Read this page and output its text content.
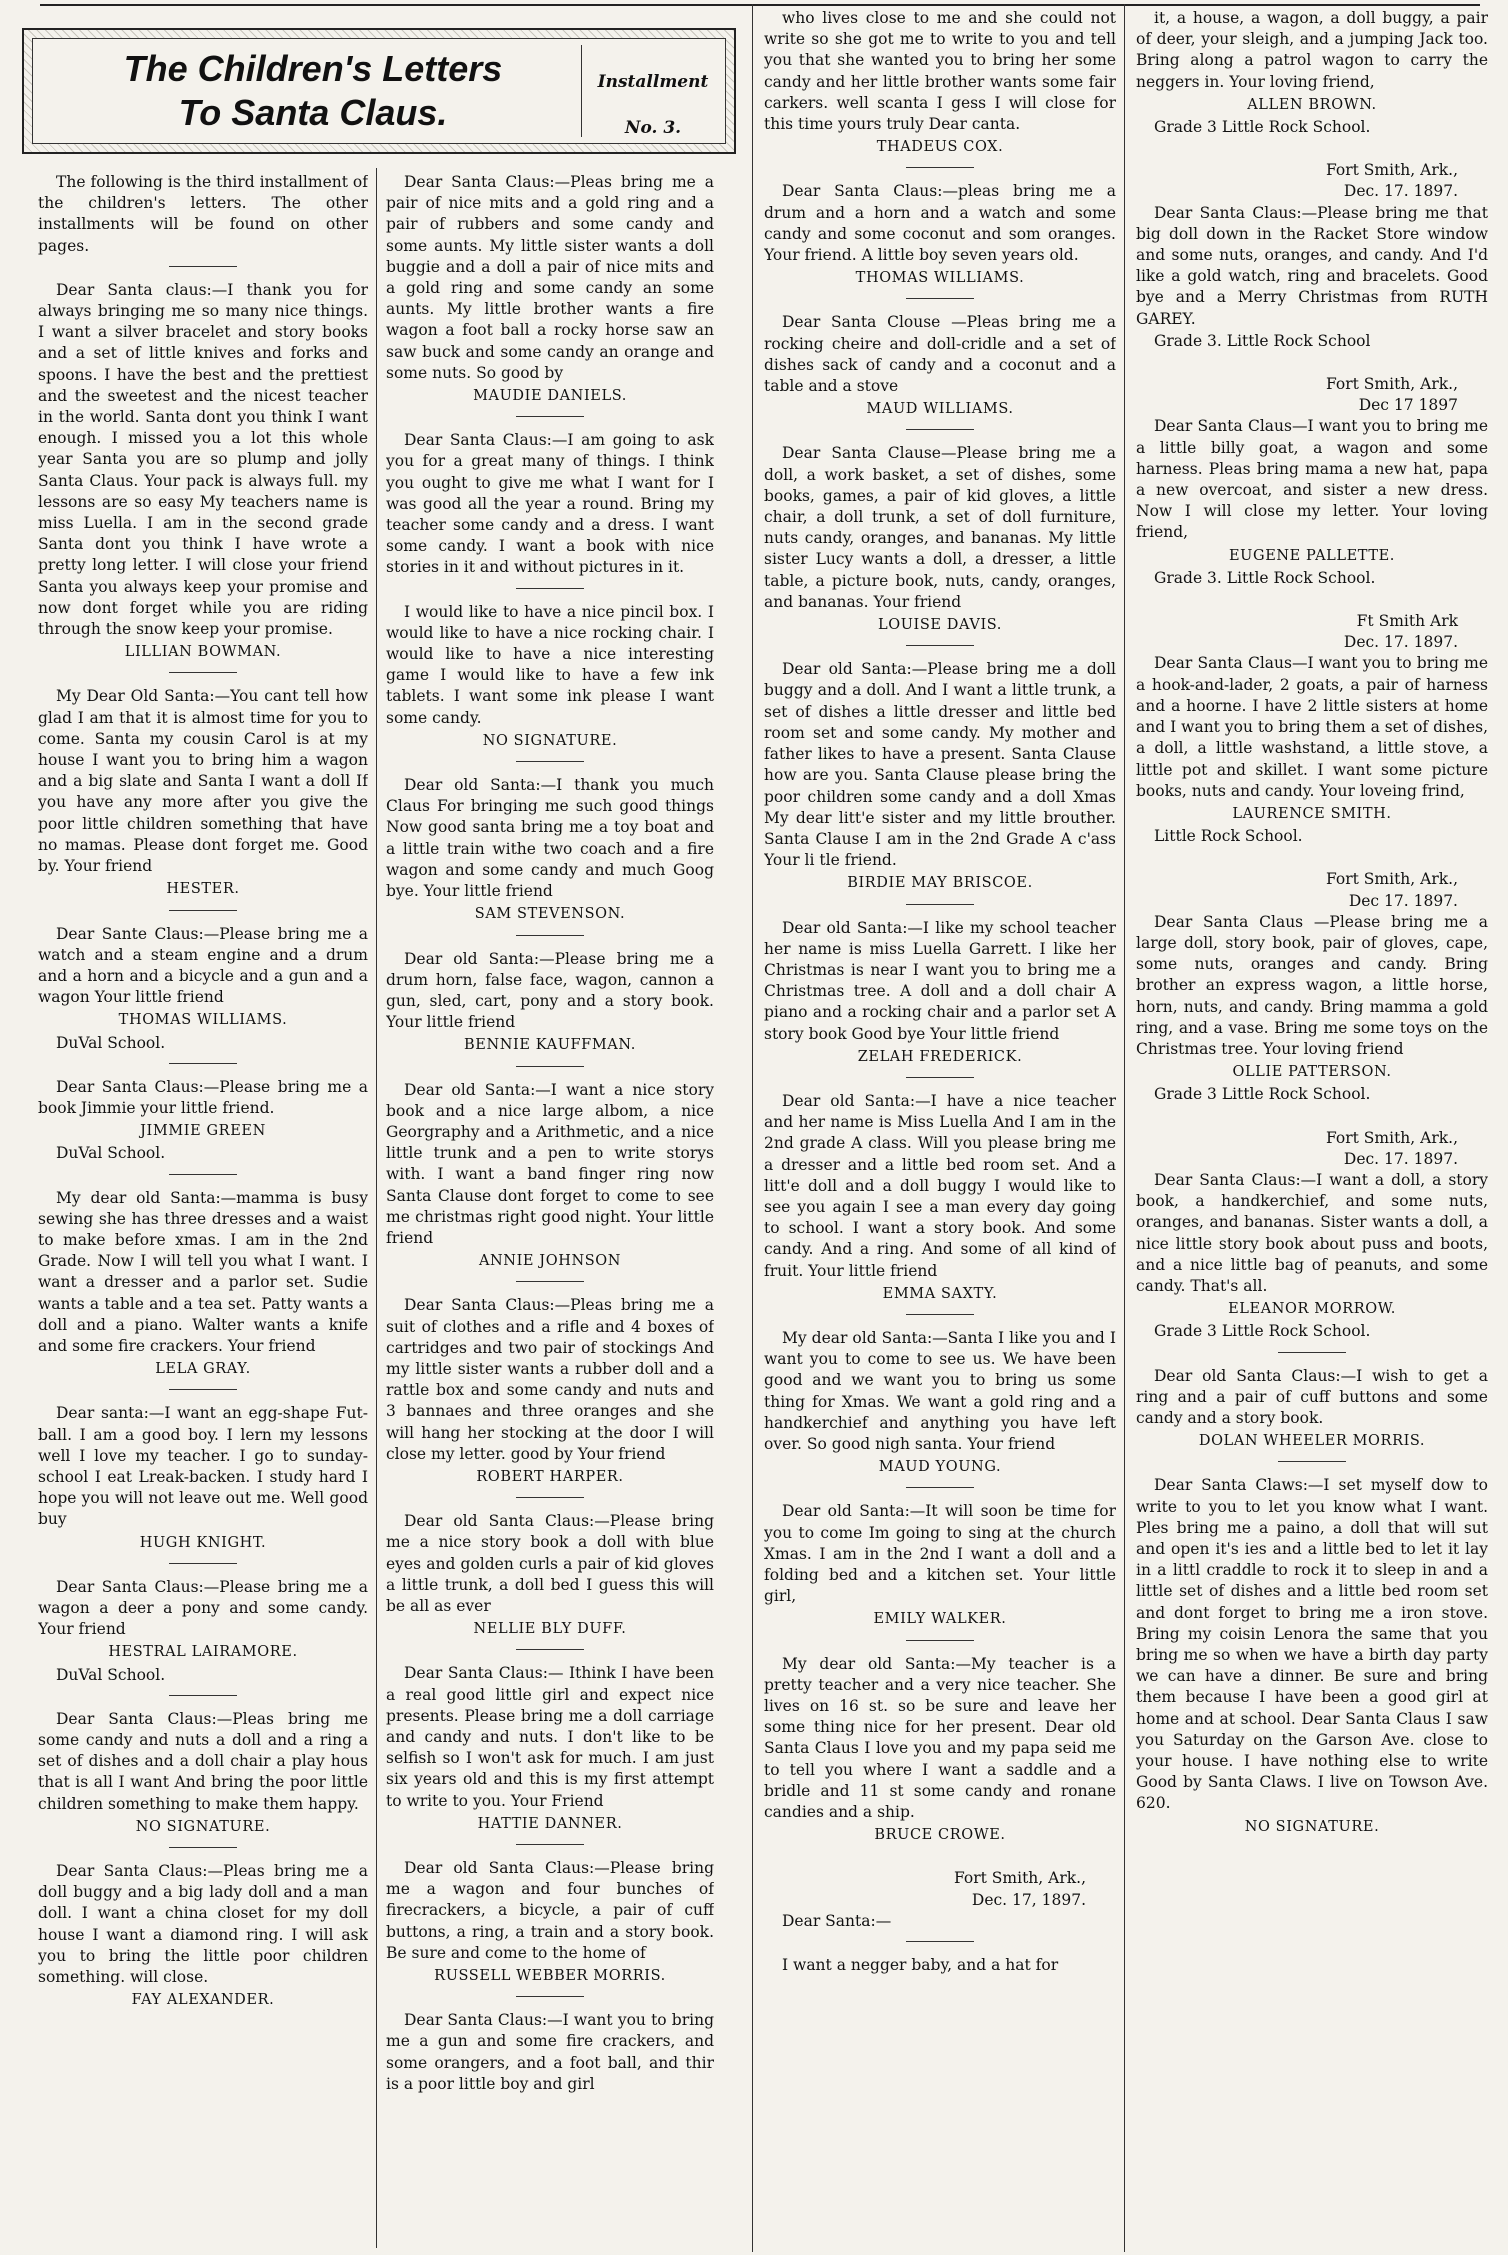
The Children's Letters
To Santa Claus.
Installment
No. 3.

The following is the third installment of the children's letters. The other installments will be found on other pages.

Dear Santa claus:—I thank you for always bringing me so many nice things. I want a silver bracelet and story books and a set of little knives and forks and spoons. I have the best and the prettiest and the sweetest and the nicest teacher in the world. Santa dont you think I want enough. I missed you a lot this whole year Santa you are so plump and jolly Santa Claus. Your pack is always full. my lessons are so easy My teachers name is miss Luella. I am in the second grade Santa dont you think I have wrote a pretty long letter. I will close your friend Santa you always keep your promise and now dont forget while you are riding through the snow keep your promise.

LILLIAN BOWMAN.

My Dear Old Santa:—You cant tell how glad I am that it is almost time for you to come. Santa my cousin Carol is at my house I want you to bring him a wagon and a big slate and Santa I want a doll If you have any more after you give the poor little children something that have no mamas. Please dont forget me. Good by. Your friend

HESTER.

Dear Sante Claus:—Please bring me a watch and a steam engine and a drum and a horn and a bicycle and a gun and a wagon Your little friend

THOMAS WILLIAMS.
DuVal School.

Dear Santa Claus:—Please bring me a book Jimmie your little friend.

JIMMIE GREEN
DuVal School.

My dear old Santa:—mamma is busy sewing she has three dresses and a waist to make before xmas. I am in the 2nd Grade. Now I will tell you what I want. I want a dresser and a parlor set. Sudie wants a table and a tea set. Patty wants a doll and a piano. Walter wants a knife and some fire crackers. Your friend

LELA GRAY.

Dear santa:—I want an egg-shape Fut-ball. I am a good boy. I lern my lessons well I love my teacher. I go to sunday-school I eat Lreak-backen. I study hard I hope you will not leave out me. Well good buy

HUGH KNIGHT.

Dear Santa Claus:—Please bring me a wagon a deer a pony and some candy. Your friend

HESTRAL LAIRAMORE.
DuVal School.

Dear Santa Claus:—Pleas bring me some candy and nuts a doll and a ring a set of dishes and a doll chair a play hous that is all I want And bring the poor little children something to make them happy.

NO SIGNATURE.

Dear Santa Claus:—Pleas bring me a doll buggy and a big lady doll and a man doll. I want a china closet for my doll house I want a diamond ring. I will ask you to bring the little poor children something. will close.

FAY ALEXANDER.

Dear Santa Claus:—Pleas bring me a pair of nice mits and a gold ring and a pair of rubbers and some candy and some aunts. My little sister wants a doll buggie and a doll a pair of nice mits and a gold ring and some candy an some aunts. My little brother wants a fire wagon a foot ball a rocky horse saw an saw buck and some candy an orange and some nuts. So good by

MAUDIE DANIELS.

Dear Santa Claus:—I am going to ask you for a great many of things. I think you ought to give me what I want for I was good all the year a round. Bring my teacher some candy and a dress. I want some candy. I want a book with nice stories in it and without pictures in it.

I would like to have a nice pincil box. I would like to have a nice rocking chair. I would like to have a nice interesting game I would like to have a few ink tablets. I want some ink please I want some candy.

NO SIGNATURE.

Dear old Santa:—I thank you much Claus For bringing me such good things Now good santa bring me a toy boat and a little train withe two coach and a fire wagon and some candy and much Goog bye. Your little friend

SAM STEVENSON.

Dear old Santa:—Please bring me a drum horn, false face, wagon, cannon a gun, sled, cart, pony and a story book. Your little friend

BENNIE KAUFFMAN.

Dear old Santa:—I want a nice story book and a nice large albom, a nice Georgraphy and a Arithmetic, and a nice little trunk and a pen to write storys with. I want a band finger ring now Santa Clause dont forget to come to see me christmas right good night. Your little friend

ANNIE JOHNSON

Dear Santa Claus:—Pleas bring me a suit of clothes and a rifle and 4 boxes of cartridges and two pair of stockings And my little sister wants a rubber doll and a rattle box and some candy and nuts and 3 bannaes and three oranges and she will hang her stocking at the door I will close my letter. good by Your friend

ROBERT HARPER.

Dear old Santa Claus:—Please bring me a nice story book a doll with blue eyes and golden curls a pair of kid gloves a little trunk, a doll bed I guess this will be all as ever

NELLIE BLY DUFF.

Dear Santa Claus:— Ithink I have been a real good little girl and expect nice presents. Please bring me a doll carriage and candy and nuts. I don't like to be selfish so I won't ask for much. I am just six years old and this is my first attempt to write to you. Your Friend

HATTIE DANNER.

Dear old Santa Claus:—Please bring me a wagon and four bunches of firecrackers, a bicycle, a pair of cuff buttons, a ring, a train and a story book. Be sure and come to the home of

RUSSELL WEBBER MORRIS.

Dear Santa Claus:—I want you to bring me a gun and some fire crackers, and some orangers, and a foot ball, and thir is a poor little boy and girl

who lives close to me and she could not write so she got me to write to you and tell you that she wanted you to bring her some candy and her little brother wants some fair carkers. well scanta I gess I will close for this time yours truly Dear canta.

THADEUS COX.

Dear Santa Claus:—pleas bring me a drum and a horn and a watch and some candy and some coconut and som oranges. Your friend. A little boy seven years old.

THOMAS WILLIAMS.

Dear Santa Clouse —Pleas bring me a rocking cheire and doll-cridle and a set of dishes sack of candy and a coconut and a table and a stove

MAUD WILLIAMS.

Dear Santa Clause—Please bring me a doll, a work basket, a set of dishes, some books, games, a pair of kid gloves, a little chair, a doll trunk, a set of doll furniture, nuts candy, oranges, and bananas. My little sister Lucy wants a doll, a dresser, a little table, a picture book, nuts, candy, oranges, and bananas. Your friend

LOUISE DAVIS.

Dear old Santa:—Please bring me a doll buggy and a doll. And I want a little trunk, a set of dishes a little dresser and little bed room set and some candy. My mother and father likes to have a present. Santa Clause how are you. Santa Clause please bring the poor children some candy and a doll Xmas My dear litt'e sister and my little brouther. Santa Clause I am in the 2nd Grade A c'ass Your li tle friend.

BIRDIE MAY BRISCOE.

Dear old Santa:—I like my school teacher her name is miss Luella Garrett. I like her Christmas is near I want you to bring me a Christmas tree. A doll and a doll chair A piano and a rocking chair and a parlor set A story book Good bye Your little friend

ZELAH FREDERICK.

Dear old Santa:—I have a nice teacher and her name is Miss Luella And I am in the 2nd grade A class. Will you please bring me a dresser and a little bed room set. And a litt'e doll and a doll buggy I would like to see you again I see a man every day going to school. I want a story book. And some candy. And a ring. And some of all kind of fruit. Your little friend

EMMA SAXTY.

My dear old Santa:—Santa I like you and I want you to come to see us. We have been good and we want you to bring us some thing for Xmas. We want a gold ring and a handkerchief and anything you have left over. So good nigh santa. Your friend

MAUD YOUNG.

Dear old Santa:—It will soon be time for you to come Im going to sing at the church Xmas. I am in the 2nd I want a doll and a folding bed and a kitchen set. Your little girl,

EMILY WALKER.

My dear old Santa:—My teacher is a pretty teacher and a very nice teacher. She lives on 16 st. so be sure and leave her some thing nice for her present. Dear old Santa Claus I love you and my papa seid me to tell you where I want a saddle and a bridle and 11 st some candy and ronane candies and a ship.

BRUCE CROWE.
Fort Smith, Ark.,
Dec. 17, 1897.

Dear Santa:—

I want a negger baby, and a hat for

it, a house, a wagon, a doll buggy, a pair of deer, your sleigh, and a jumping Jack too. Bring along a patrol wagon to carry the neggers in. Your loving friend,

ALLEN BROWN.
Grade 3 Little Rock School.
Fort Smith, Ark.,
Dec. 17. 1897.

Dear Santa Claus:—Please bring me that big doll down in the Racket Store window and some nuts, oranges, and candy. And I'd like a gold watch, ring and bracelets. Good bye and a Merry Christmas from RUTH GAREY.

Grade 3. Little Rock School
Fort Smith, Ark.,
Dec 17 1897

Dear Santa Claus—I want you to bring me a little billy goat, a wagon and some harness. Pleas bring mama a new hat, papa a new overcoat, and sister a new dress. Now I will close my letter. Your loving friend,

EUGENE PALLETTE.
Grade 3. Little Rock School.
Ft Smith Ark
Dec. 17. 1897.

Dear Santa Claus—I want you to bring me a hook-and-lader, 2 goats, a pair of harness and a hoorne. I have 2 little sisters at home and I want you to bring them a set of dishes, a doll, a little washstand, a little stove, a little pot and skillet. I want some picture books, nuts and candy. Your loveing frind,

LAURENCE SMITH.
Little Rock School.
Fort Smith, Ark.,
Dec 17. 1897.

Dear Santa Claus —Please bring me a large doll, story book, pair of gloves, cape, some nuts, oranges and candy. Bring brother an express wagon, a little horse, horn, nuts, and candy. Bring mamma a gold ring, and a vase. Bring me some toys on the Christmas tree. Your loving friend

OLLIE PATTERSON.
Grade 3 Little Rock School.
Fort Smith, Ark.,
Dec. 17. 1897.

Dear Santa Claus:—I want a doll, a story book, a handkerchief, and some nuts, oranges, and bananas. Sister wants a doll, a nice little story book about puss and boots, and a nice little bag of peanuts, and some candy. That's all.

ELEANOR MORROW.
Grade 3 Little Rock School.

Dear old Santa Claus:—I wish to get a ring and a pair of cuff buttons and some candy and a story book.

DOLAN WHEELER MORRIS.

Dear Santa Claws:—I set myself dow to write to you to let you know what I want. Ples bring me a paino, a doll that will sut and open it's ies and a little bed to let it lay in a littl craddle to rock it to sleep in and a little set of dishes and a little bed room set and dont forget to bring me a iron stove. Bring my coisin Lenora the same that you bring me so when we have a birth day party we can have a dinner. Be sure and bring them because I have been a good girl at home and at school. Dear Santa Claus I saw you Saturday on the Garson Ave. close to your house. I have nothing else to write Good by Santa Claws. I live on Towson Ave. 620.

NO SIGNATURE.
